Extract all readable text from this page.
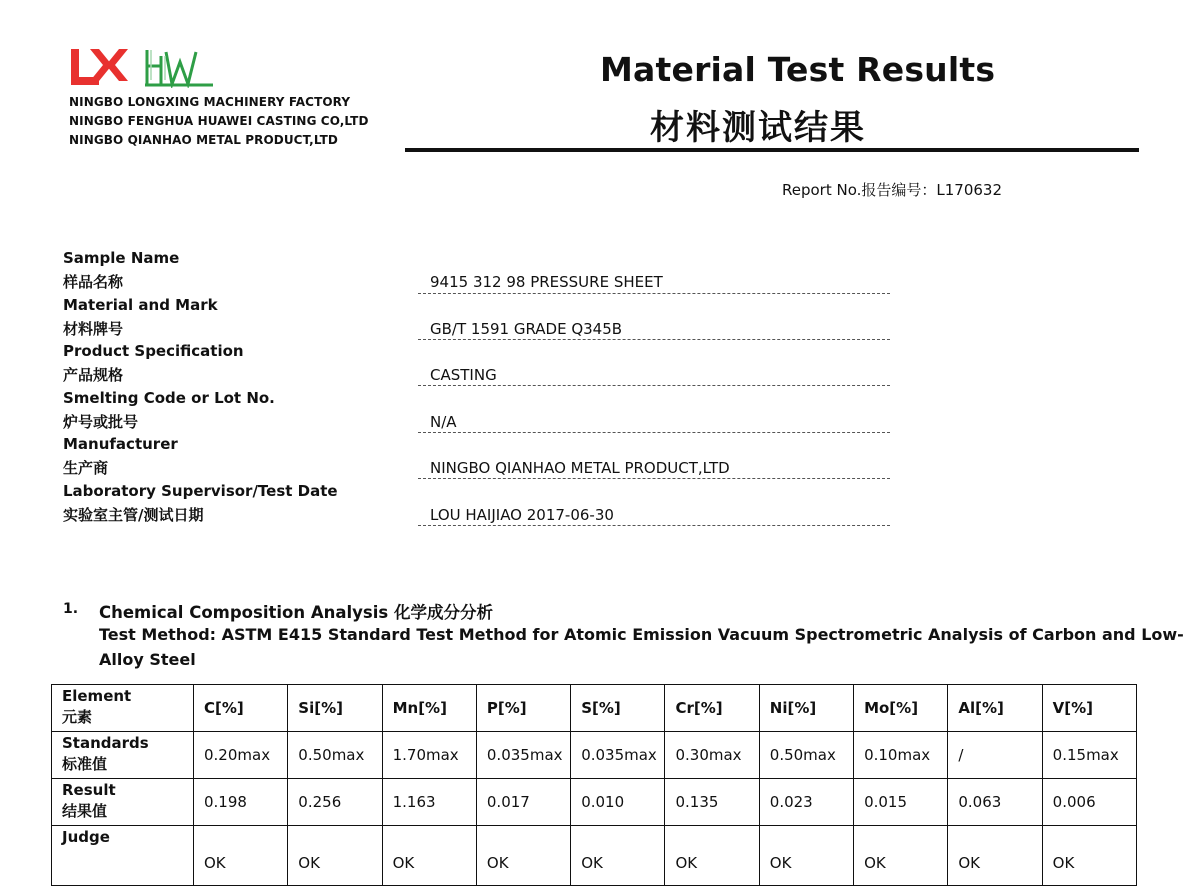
NINGBO LONGXING MACHINERY FACTORY
NINGBO FENGHUA HUAWEI CASTING CO,LTD
NINGBO QIANHAO METAL PRODUCT,LTD
Material Test Results
材料测试结果
Report No.报告编号：L170632
Sample Name
样品名称	9415 312 98 PRESSURE SHEET
Material and Mark
材料牌号	GB/T 1591 GRADE Q345B
Product Specification
产品规格	CASTING
Smelting Code or Lot No.
炉号或批号	N/A
Manufacturer
生产商	NINGBO QIANHAO METAL PRODUCT,LTD
Laboratory Supervisor/Test Date
实验室主管/测试日期	LOU HAIJIAO 2017-06-30
1. Chemical Composition Analysis 化学成分分析
Test Method: ASTM E415 Standard Test Method for Atomic Emission Vacuum Spectrometric Analysis of Carbon and Low-
Alloy Steel
Element
元素	C[%]	Si[%]	Mn[%]	P[%]	S[%]	Cr[%]	Ni[%]	Mo[%]	Al[%]	V[%]

Standards
标准值	0.20max	0.50max	1.70max	0.035max	0.035max	0.30max	0.50max	0.10max	/	0.15max

Result
结果值	0.198	0.256	1.163	0.017	0.010	0.135	0.023	0.015	0.063	0.006

Judge	OK	OK	OK	OK	OK	OK	OK	OK	OK	OK
